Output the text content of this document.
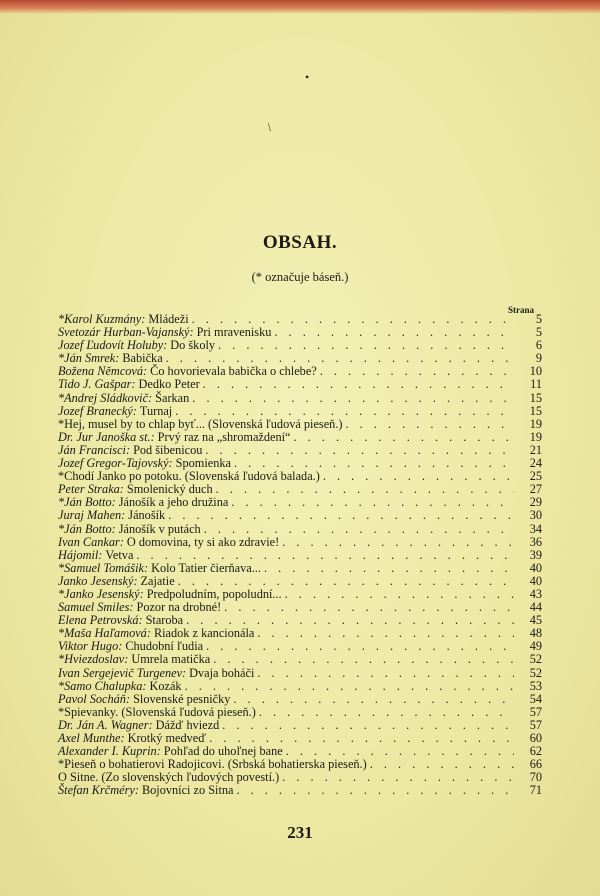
•
/
OBSAH.
(* označuje báseň.)
Strana
*Karol Kuzmány: Mládeži . . .	5
Svetozár Hurban-Vajanský: Pri mravenisku . . .	5
Jozef Ľudovít Holuby: Do školy . . .	6
*Ján Smrek: Babička . . .	9
Božena Němcová: Čo hovorievala babička o chlebe? . . .	10
Tido J. Gašpar: Dedko Peter . . .	11
*Andrej Sládkovič: Šarkan . . .	15
Jozef Branecký: Turnaj . . .	15
*Hej, musel by to chlap byť... (Slovenská ľudová pieseň.) . . .	19
Dr. Jur Janoška st.: Prvý raz na „shromaždení“ . . .	19
Ján Francisci: Pod šibenicou . . .	21
Jozef Gregor-Tajovský: Spomienka . . .	24
*Chodí Janko po potoku. (Slovenská ľudová balada.) . . .	25
Peter Straka: Smolenický duch . . .	27
*Ján Botto: Jánošík a jeho družina . . .	29
Juraj Mahen: Jánošík . . .	30
*Ján Botto: Jánošík v putách . . .	34
Ivan Cankar: O domovina, ty si ako zdravie! . . .	36
Hájomil: Vetva . . .	39
*Samuel Tomášik: Kolo Tatier čierňava... . . .	40
Janko Jesenský: Zajatie . . .	40
*Janko Jesenský: Predpoludním, popoludní... . . .	43
Samuel Smiles: Pozor na drobné! . . .	44
Elena Petrovská: Staroba . . .	45
*Maša Haľamová: Riadok z kancionála . . .	48
Viktor Hugo: Chudobní ľudia . . .	49
*Hviezdoslav: Umrela matička . . .	52
Ivan Sergejevič Turgenev: Dvaja boháči . . .	52
*Samo Chalupka: Kozák . . .	53
Pavol Socháň: Slovenské pesničky . . .	54
*Spievanky. (Slovenská ľudová pieseň.) . . .	57
Dr. Ján A. Wagner: Dážď hviezd . . .	57
Axel Munthe: Krotký medveď . . .	60
Alexander I. Kuprin: Pohľad do uhoľnej bane . . .	62
*Pieseň o bohatierovi Radojicovi. (Srbská bohatierska pieseň.) . . .	66
O Sitne. (Zo slovenských ľudových povestí.) . . .	70
Štefan Krčméry: Bojovníci zo Sitna . . .	71
231
